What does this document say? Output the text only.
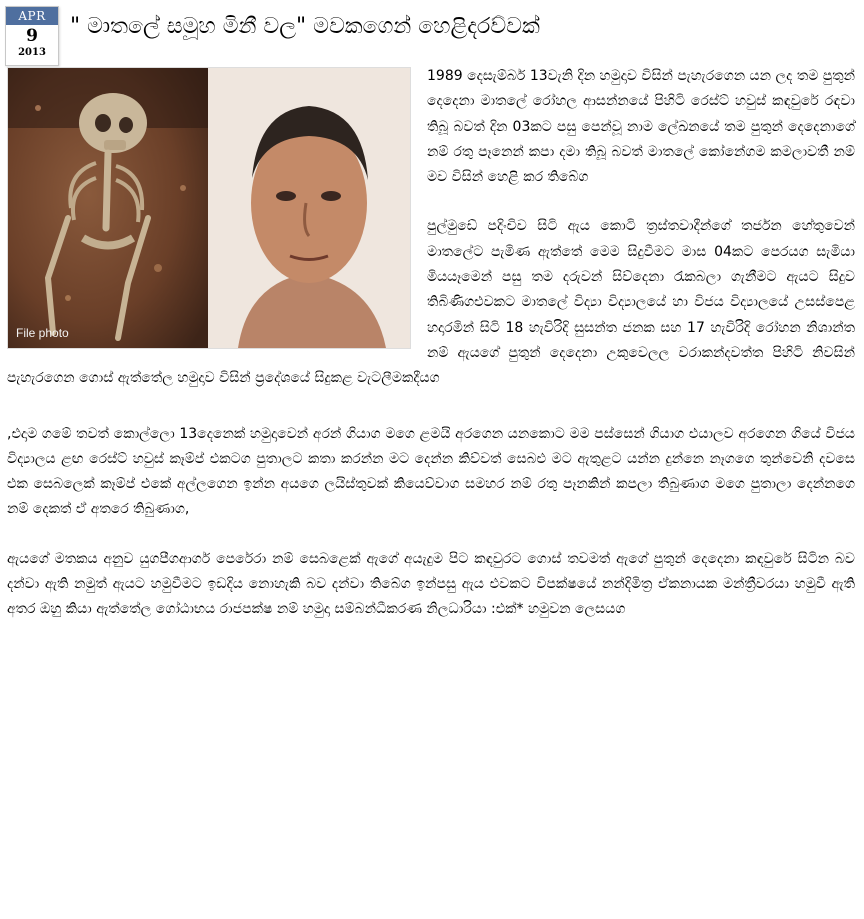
APR
9
2013
" මාතලේ සමූහ මිනී වල" මවකගෙන් හෙළිදරව්වක්
File photo

1989 දෙසැම්බර් 13වැනි දින හමුදාව විසින් පැහැරගෙන යන ලද තම පුතුන් දෙදෙනා මාතලේ රෝහල ආසන්නයේ පිහිටි රෙස්ට් හවුස් කඳවුරේ රඳවා තිබූ බවත් දින 03කට පසු පෙන්වූ නාම ලේඛනයේ තම පුතුන් දෙදෙනාගේ නම් රතු පෑනෙන් කපා දමා තිබූ බවත් මාතලේ කෝනේගම කමලාවතී නම් මව විසින් හෙළි කර තිබේග

පුල්මුඩේ පදිංචිව සිටි ඇය කොටි ත්‍රස්තවාදීන්ගේ තර්ජන හේතුවෙන් මාතලේට පැමිණ ඇත්තේ මෙම සිදුවීමට මාස 04කට පෙරයග සැමියා මියයෑමෙන් පසු තම දරුවන් සිව්දෙනා රැකබලා ගැනීමට ඇයට සිදුව තිබිණිගඑවකට මාතලේ විද්‍යා විද්‍යාලයේ හා විජය විද්‍යාලයේ උසස්පෙළ හදාරමින් සිටි 18 හැවිරිදි සුසන්ත ජනක සහ 17 හැවිරිදි රෝහන නිශාන්ත නම් ඇයගේ පුතුන් දෙදෙනා උකුවෙලල වරාකන්දවත්ත පිහිටි නිවසින් පැහැරගෙන ගොස් ඇත්තේල හමුදාව විසින් ප්‍රදේශයේ සිදුකළ වැටලීමකදීයග

,එදාම ගමේ තවත් කොල්ලො 13දෙනෙක් හමුදාවෙන් අරන් ගියාග මගෙ ළමයි අරගෙන යනකොට මම පස්සෙන් ගියාග එයාලව අරගෙන ගියේ විජය විද්‍යාලය ළඟ රෙස්ට් හවුස් කෑම්ප් එකටග පුතාලට කතා කරන්න මට දෙන්න කිව්වත් සෙබළු මට ඇතුළට යන්න දුන්නෙ නෑගගෙ තුන්වෙනි දවසෙ එක සෙබලෙක් කෑම්ප් එකේ අල්ලගෙන ඉන්න අයගෙ ලයිස්තුවක් කියෙව්වාග සමහර නම් රතු පෑනකින් කපලා තිබුණාග මගෙ පුතාලා දෙන්නගෙ නම් දෙකත් ඒ අතරෙ තිබුණාග,

ඇයගේ මතකය අනුව යුගපීගආර්ග පෙරේරා නම් සෙබළෙක් ඇගේ අයැදුම පිට කඳවුරට ගොස් තවමත් ඇගේ පුතුන් දෙදෙනා කඳවුරේ සිටින බව දන්වා ඇති නමුත් ඇයට හමුවීමට ඉඩදිය නොහැකි බව දන්වා තිබේග ඉන්පසු ඇය එවකට විපක්ෂයේ නන්දිමිත්‍ර ඒකනායක මන්ත්‍රීවරයා හමුවී ඇති අතර ඔහු කියා ඇත්තේල ගෝඨාභය රාජපක්ෂ නම් හමුදා සම්බන්ධීකරණ නිලධාරියා :එක්* හමුවන ලෙසයග
